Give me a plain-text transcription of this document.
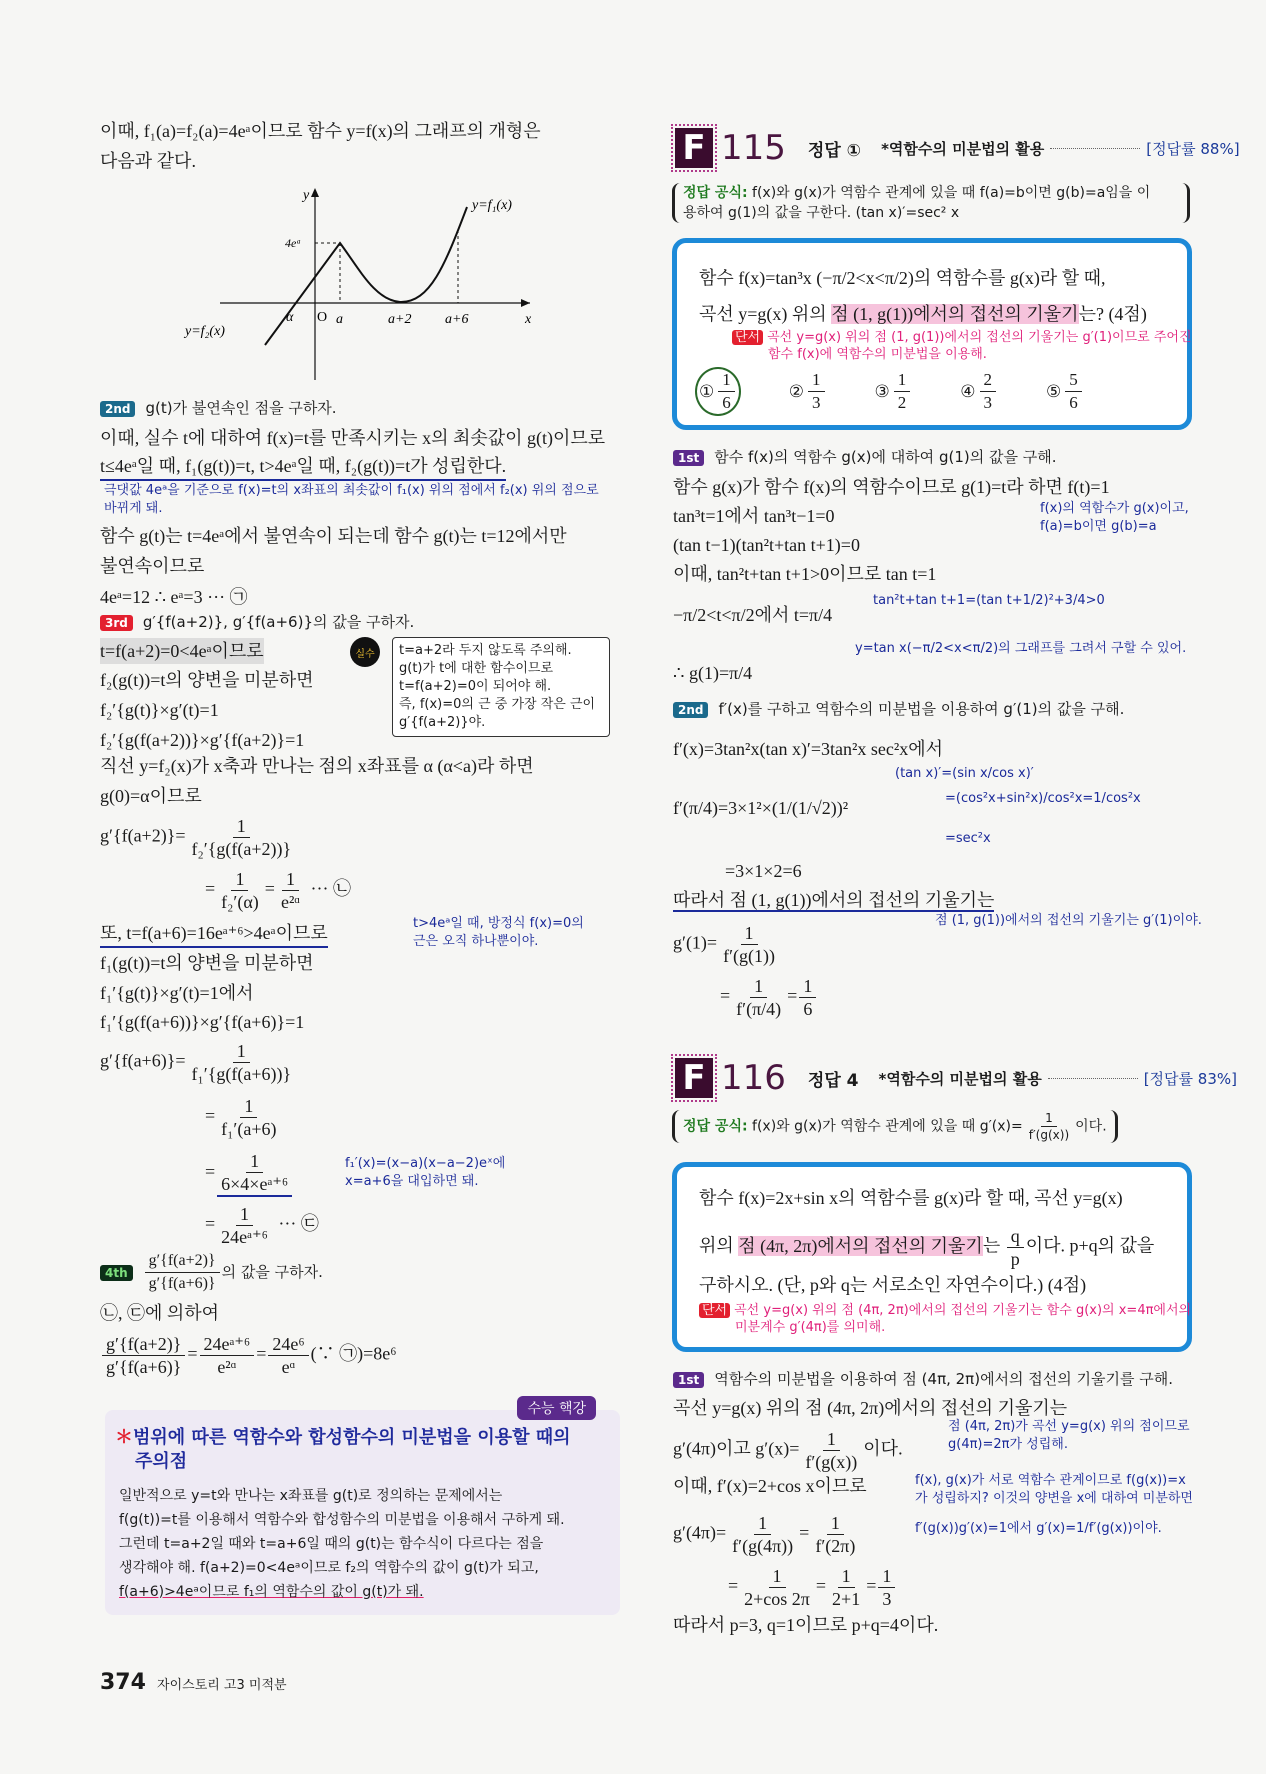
이때, f₁(a)=f₂(a)=4eᵃ이므로 함수 y=f(x)의 그래프의 개형은
다음과 같다.
y
x
O
4eᵃ
α	a	a+2 a+6
y=f₁(x)
y=f₂(x)
2nd g(t)가 불연속인 점을 구하자.
이때, 실수 t에 대하여 f(x)=t를 만족시키는 x의 최솟값이 g(t)이므로
t≤4eᵃ일 때, f₁(g(t))=t, t>4eᵃ일 때, f₂(g(t))=t가 성립한다.
극댓값 4eᵃ을 기준으로 f(x)=t의 x좌표의 최솟값이 f₁(x) 위의 점에서 f₂(x) 위의 점으로
바뀌게 돼.
함수 g(t)는 t=4eᵃ에서 불연속이 되는데 함수 g(t)는 t=12에서만
불연속이므로
4eᵃ=12 ∴ eᵃ=3 ··· ㉠
3rd g′{f(a+2)}, g′{f(a+6)}의 값을 구하자.
t=f(a+2)=0<4eᵃ이므로
f₂(g(t))=t의 양변을 미분하면
f₂′{g(t)}×g′(t)=1
f₂′{g(f(a+2))}×g′{f(a+2)}=1
실수	t=a+2라 두지 않도록 주의해.
g(t)가 t에 대한 함수이므로
t=f(a+2)=0이 되어야 해.
즉, f(x)=0의 근 중 가장 작은 근이
g′{f(a+2)}야.
직선 y=f₂(x)가 x축과 만나는 점의 x좌표를 α (α<a)라 하면
g(0)=α이므로
$g'\{f(a+2)\}= \frac{1}{\text{f₂′\{g(f(a+2))\}}}$
= $\frac{1}{\text{f₂′(α)}} = \frac{1}{\text{e²ᵅ}}$ ··· ㉡
또, t=f(a+6)=16eᵃ⁺⁶>4eᵃ이므로	t>4eᵃ일 때, 방정식 f(x)=0의
근은 오직 하나뿐이야.
f₁(g(t))=t의 양변을 미분하면
f₁′{g(t)}×g′(t)=1에서
f₁′{g(f(a+6))}×g′{f(a+6)}=1
$g'\{f(a+6)\}= \frac{1}{\text{f₁′\{g(f(a+6))\}}}$
= $\frac{1}{\text{f₁′(a+6)}}$
= $\frac{1}{\text{6×4×eᵃ⁺⁶}}$	f₁′(x)=(x−a)(x−a−2)eˣ에
x=a+6을 대입하면 돼.
= $\frac{1}{\text{24eᵃ⁺⁶}}$ ··· ㉢
$4th \frac{g'\{f(a+2)\}}{g'\{f(a+6)\}}$ 의 값을 구하자.
㉡, ㉢에 의하여
$\frac{g'\{f(a+2)\}}{g'\{f(a+6)\}} = \frac{\text{24eᵃ⁺⁶}}{\text{e²ᵅ}} = \frac{\text{24e⁶}}{\text{eᵅ}}$ (∵ ㉠)=8e⁶
수능 핵강
＊범위에 따른 역함수와 합성함수의 미분법을 이용할 때의
주의점
일반적으로 y=t와 만나는 x좌표를 g(t)로 정의하는 문제에서는
f(g(t))=t를 이용해서 역함수와 합성함수의 미분법을 이용해서 구하게 돼.
그런데 t=a+2일 때와 t=a+6일 때의 g(t)는 함수식이 다르다는 점을
생각해야 해. f(a+2)=0<4eᵃ이므로 f₂의 역함수의 값이 g(t)가 되고,
f(a+6)>4eᵃ이므로 f₁의 역함수의 값이 g(t)가 돼.
374 자이스토리 고3 미적분
F 115 정답 ① *역함수의 미분법의 활용	[정답률 88%]
정답 공식: f(x)와 g(x)가 역함수 관계에 있을 때 f(a)=b이면 g(b)=a임을 이
용하여 g(1)의 값을 구한다. (tan x)′=sec² x
함수 f(x)=tan³x (−π/2<x<π/2)의 역함수를 g(x)라 할 때,
곡선 y=g(x) 위의 점 (1, g(1))에서의 접선의 기울기는? (4점)
단서 곡선 y=g(x) 위의 점 (1, g(1))에서의 접선의 기울기는 g′(1)이므로 주어진
함수 f(x)에 역함수의 미분법을 이용해.
①
1
6
②
1
3
③
1
2
④
2
3
⑤
5
6
1st 함수 f(x)의 역함수 g(x)에 대하여 g(1)의 값을 구해.
함수 g(x)가 함수 f(x)의 역함수이므로 g(1)=t라 하면 f(t)=1
f(x)의 역함수가 g(x)이고,
f(a)=b이면 g(b)=a
tan³t=1에서 tan³t−1=0
(tan t−1)(tan²t+tan t+1)=0
이때, tan²t+tan t+1>0이므로 tan t=1
tan²t+tan t+1=(tan t+1/2)²+3/4>0
−π/2<t<π/2에서 t=π/4
y=tan x(−π/2<x<π/2)의 그래프를 그려서 구할 수 있어.
∴ g(1)=π/4
2nd f′(x)를 구하고 역함수의 미분법을 이용하여 g′(1)의 값을 구해.
f′(x)=3tan²x(tan x)′=3tan²x sec²x에서
(tan x)′=(sin x/cos x)′
=(cos²x+sin²x)/cos²x=1/cos²x
=sec²x
f′(π/4)=3×1²×(1/(1/√2))²
=3×1×2=6
따라서 점 (1, g(1))에서의 접선의 기울기는
점 (1, g(1))에서의 접선의 기울기는 g′(1)이야.
$g'(1)= \frac{1}{f'(g(1))}$
= $\frac{1}{f'(\pi/4)} = \frac{1}{6}$
F 116 정답 4 *역함수의 미분법의 활용	[정답률 83%]
정답 공식: f(x)와 g(x)가 역함수 관계에 있을 때 $g'(x)= \frac{1}{f'(g(x))}$ 이다.
함수 f(x)=2x+sin x의 역함수를 g(x)라 할 때, 곡선 y=g(x)
위의 점 (4π, 2π)에서의 접선의 기울기는 $\frac{q}{p}$ 이다. p+q의 값을
구하시오. (단, p와 q는 서로소인 자연수이다.) (4점)
단서 곡선 y=g(x) 위의 점 (4π, 2π)에서의 접선의 기울기는 함수 g(x)의 x=4π에서의
미분계수 g′(4π)를 의미해.
1st 역함수의 미분법을 이용하여 점 (4π, 2π)에서의 접선의 기울기를 구해.
곡선 y=g(x) 위의 점 (4π, 2π)에서의 접선의 기울기는
점 (4π, 2π)가 곡선 y=g(x) 위의 점이므로
g(4π)=2π가 성립해.
g′(4π)이고 $g'(x)= \frac{1}{f'(g(x))}$ 이다.
이때, f′(x)=2+cos x이므로	f(x), g(x)가 서로 역함수 관계이므로 f(g(x))=x
가 성립하지? 이것의 양변을 x에 대하여 미분하면
f′(g(x))g′(x)=1에서 g′(x)=1/f′(g(x))이야.
$g'(4\pi)= \frac{1}{f'(g(4\pi))} = \frac{1}{f'(2\pi)}$
= $\frac{1}{2+\cos 2\pi} = \frac{1}{2+1} = \frac{1}{3}$
따라서 p=3, q=1이므로 p+q=4이다.
